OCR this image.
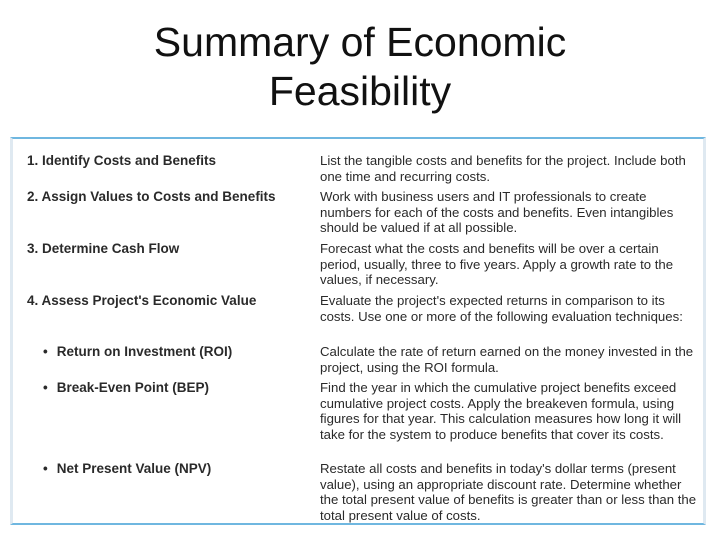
Summary of Economic
Feasibility
1. Identify Costs and Benefits	List the tangible costs and benefits for the project. Include both one time and recurring costs.
2. Assign Values to Costs and Benefits	Work with business users and IT professionals to create numbers for each of the costs and benefits. Even intangibles should be valued if at all possible.
3. Determine Cash Flow	Forecast what the costs and benefits will be over a certain period, usually, three to five years. Apply a growth rate to the values, if necessary.
4. Assess Project's Economic Value	Evaluate the project's expected returns in comparison to its costs. Use one or more of the following evaluation techniques:
• Return on Investment (ROI)	Calculate the rate of return earned on the money invested in the project, using the ROI formula.
• Break-Even Point (BEP)	Find the year in which the cumulative project benefits exceed cumulative project costs. Apply the breakeven formula, using figures for that year. This calculation measures how long it will take for the system to produce benefits that cover its costs.
• Net Present Value (NPV)	Restate all costs and benefits in today's dollar terms (present value), using an appropriate discount rate. Determine whether the total present value of benefits is greater than or less than the total present value of costs.
